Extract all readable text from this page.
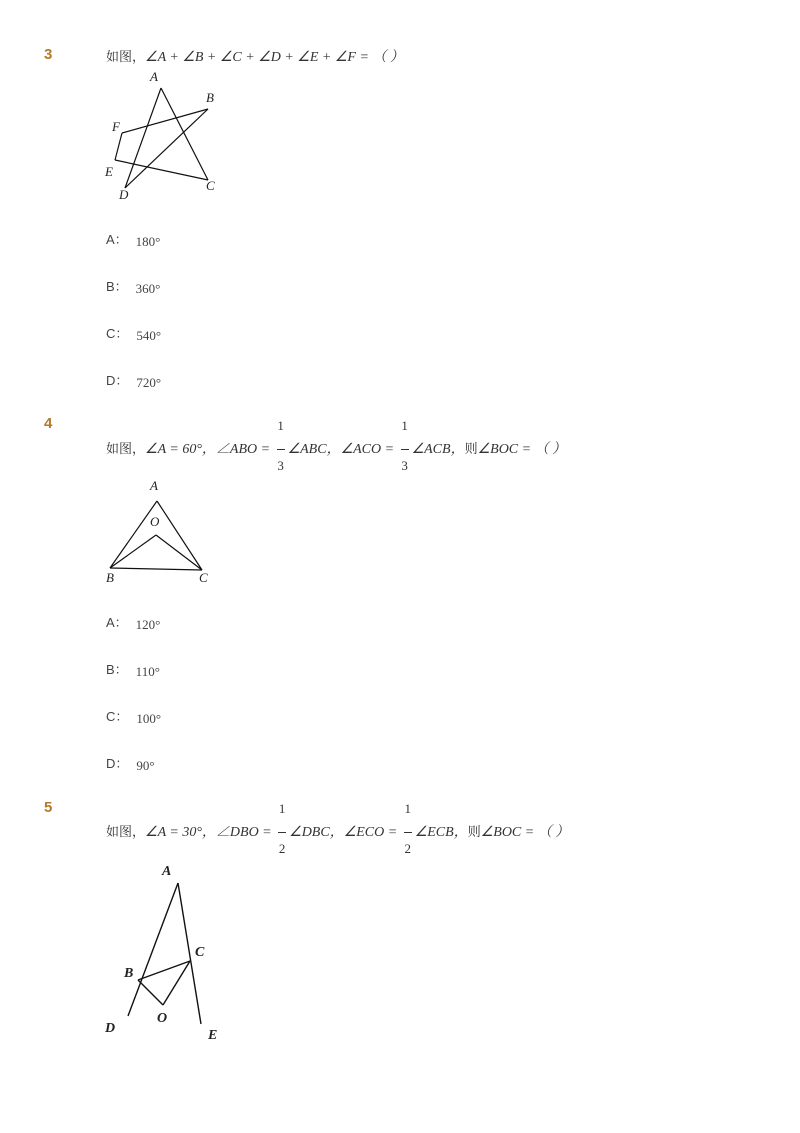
3	如图，∠A + ∠B + ∠C + ∠D + ∠E + ∠F = （ ）
A
B
F
E
D
C
A： 180°
B： 360°
C： 540°
D： 720°
4
如图，∠A = 60°，∠ABO = $\frac{1}{3}$ ∠ABC，∠ACO = $\frac{1}{3}$ ∠ACB，则∠BOC = （ ）
A
O
B	C
A： 120°
B： 110°
C： 100°
D： 90°
5
如图，∠A = 30°，∠DBO = $\frac{1}{2}$ ∠DBC，∠ECO = $\frac{1}{2}$ ∠ECB，则∠BOC = （ ）
A
C
B
O
D	E
